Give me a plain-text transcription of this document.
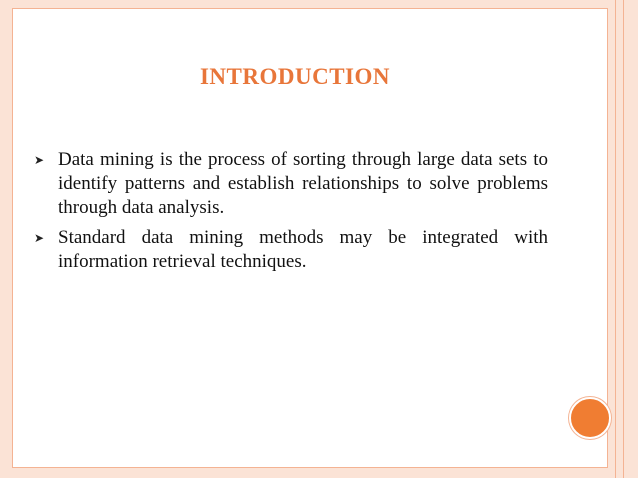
INTRODUCTION
➤ Data mining is the process of sorting through large data sets to identify patterns and establish relationships to solve problems through data analysis.
➤ Standard data mining methods may be integrated with information retrieval techniques.
